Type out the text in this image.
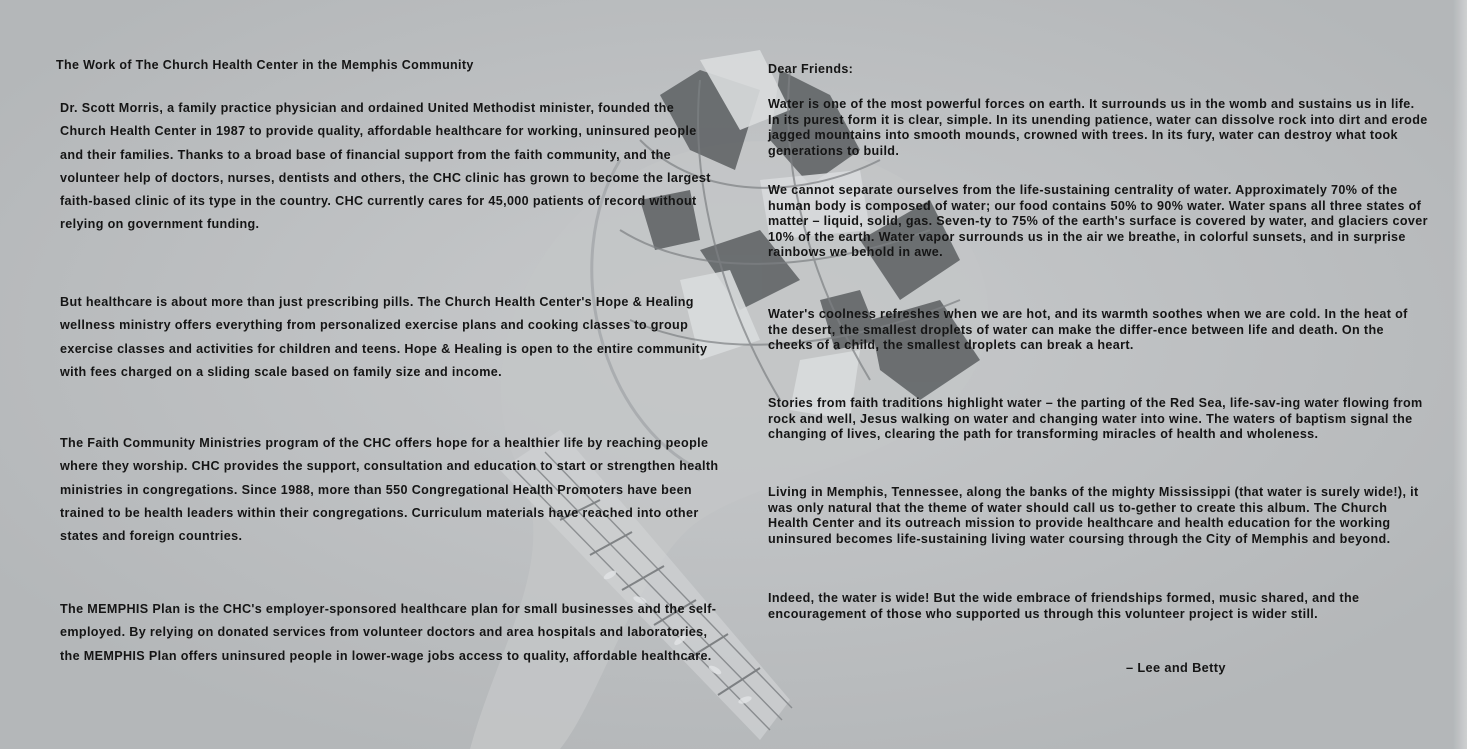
The Work of The Church Health Center in the Memphis Community

Dr. Scott Morris, a family practice physician and ordained United Methodist minister, founded the Church Health Center in 1987 to provide quality, affordable healthcare for working, uninsured people and their families. Thanks to a broad base of financial support from the faith community, and the volunteer help of doctors, nurses, dentists and others, the CHC clinic has grown to become the largest faith-based clinic of its type in the country. CHC currently cares for 45,000 patients of record without relying on government funding.

But healthcare is about more than just prescribing pills. The Church Health Center's Hope & Healing wellness ministry offers everything from personalized exercise plans and cooking classes to group exercise classes and activities for children and teens. Hope & Healing is open to the entire community with fees charged on a sliding scale based on family size and income.

The Faith Community Ministries program of the CHC offers hope for a healthier life by reaching people where they worship. CHC provides the support, consultation and education to start or strengthen health ministries in congregations. Since 1988, more than 550 Congregational Health Promoters have been trained to be health leaders within their congregations. Curriculum materials have reached into other states and foreign countries.

The MEMPHIS Plan is the CHC's employer-sponsored healthcare plan for small businesses and the self-employed. By relying on donated services from volunteer doctors and area hospitals and laboratories, the MEMPHIS Plan offers uninsured people in lower-wage jobs access to quality, affordable healthcare.

Dear Friends:

Water is one of the most powerful forces on earth. It surrounds us in the womb and sustains us in life. In its purest form it is clear, simple. In its unending patience, water can dissolve rock into dirt and erode jagged mountains into smooth mounds, crowned with trees. In its fury, water can destroy what took generations to build.

We cannot separate ourselves from the life-sustaining centrality of water. Approximately 70% of the human body is composed of water; our food contains 50% to 90% water. Water spans all three states of matter – liquid, solid, gas. Seven-ty to 75% of the earth's surface is covered by water, and glaciers cover 10% of the earth. Water vapor surrounds us in the air we breathe, in colorful sunsets, and in surprise rainbows we behold in awe.

Water's coolness refreshes when we are hot, and its warmth soothes when we are cold. In the heat of the desert, the smallest droplets of water can make the differ-ence between life and death. On the cheeks of a child, the smallest droplets can break a heart.

Stories from faith traditions highlight water – the parting of the Red Sea, life-sav-ing water flowing from rock and well, Jesus walking on water and changing water into wine. The waters of baptism signal the changing of lives, clearing the path for transforming miracles of health and wholeness.

Living in Memphis, Tennessee, along the banks of the mighty Mississippi (that water is surely wide!), it was only natural that the theme of water should call us to-gether to create this album. The Church Health Center and its outreach mission to provide healthcare and health education for the working uninsured becomes life-sustaining living water coursing through the City of Memphis and beyond.

Indeed, the water is wide! But the wide embrace of friendships formed, music shared, and the encouragement of those who supported us through this volunteer project is wider still.

– Lee and Betty
